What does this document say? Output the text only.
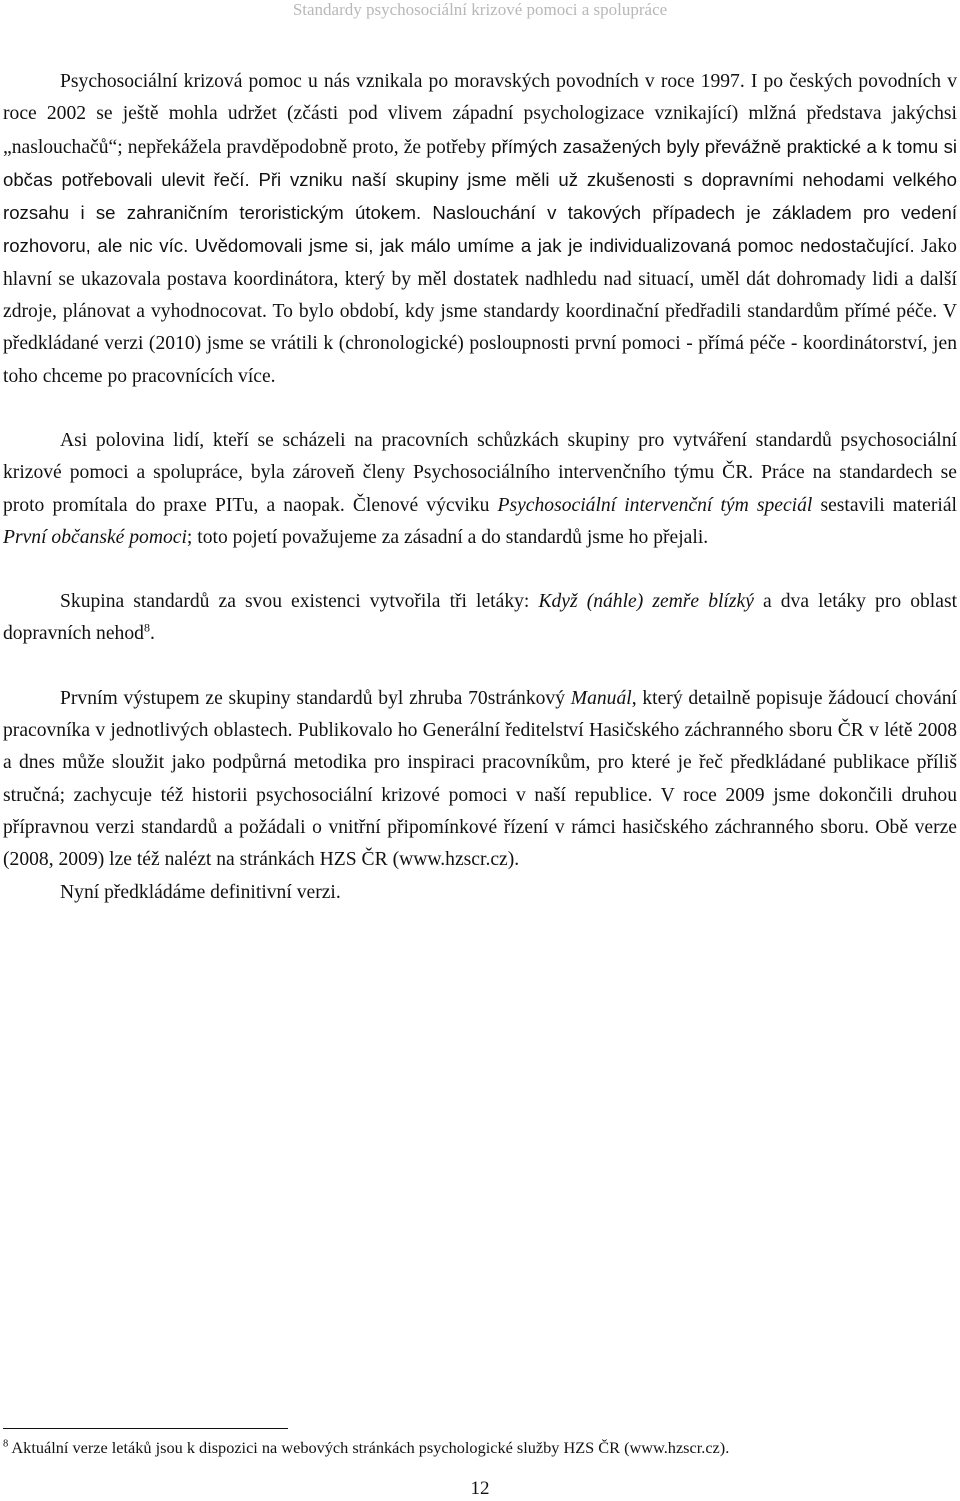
Standardy psychosociální krizové pomoci a spolupráce

Psychosociální krizová pomoc u nás vznikala po moravských povodních v roce 1997. I po českých povodních v roce 2002 se ještě mohla udržet (zčásti pod vlivem západní psychologizace vznikající) mlžná představa jakýchsi „naslouchačů“; nepřekážela pravděpodobně proto, že potřeby přímých zasažených byly převážně praktické a k tomu si občas potřebovali ulevit řečí. Při vzniku naší skupiny jsme měli už zkušenosti s dopravními nehodami velkého rozsahu i se zahraničním teroristickým útokem. Naslouchání v takových případech je základem pro vedení rozhovoru, ale nic víc. Uvědomovali jsme si, jak málo umíme a jak je individualizovaná pomoc nedostačující. Jako hlavní se ukazovala postava koordinátora, který by měl dostatek nadhledu nad situací, uměl dát dohromady lidi a další zdroje, plánovat a vyhodnocovat. To bylo období, kdy jsme standardy koordinační předřadili standardům přímé péče. V předkládané verzi (2010) jsme se vrátili k (chronologické) posloupnosti první pomoci - přímá péče - koordinátorství, jen toho chceme po pracovnících více.

Asi polovina lidí, kteří se scházeli na pracovních schůzkách skupiny pro vytváření standardů psychosociální krizové pomoci a spolupráce, byla zároveň členy Psychosociálního intervenčního týmu ČR. Práce na standardech se proto promítala do praxe PITu, a naopak. Členové výcviku Psychosociální intervenční tým speciál sestavili materiál První občanské pomoci; toto pojetí považujeme za zásadní a do standardů jsme ho přejali.

Skupina standardů za svou existenci vytvořila tři letáky: Když (náhle) zemře blízký a dva letáky pro oblast dopravních nehod$^8$.

Prvním výstupem ze skupiny standardů byl zhruba 70stránkový Manuál, který detailně popisuje žádoucí chování pracovníka v jednotlivých oblastech. Publikovalo ho Generální ředitelství Hasičského záchranného sboru ČR v létě 2008 a dnes může sloužit jako podpůrná metodika pro inspiraci pracovníkům, pro které je řeč předkládané publikace příliš stručná; zachycuje též historii psychosociální krizové pomoci v naší republice. V roce 2009 jsme dokončili druhou přípravnou verzi standardů a požádali o vnitřní připomínkové řízení v rámci hasičského záchranného sboru. Obě verze (2008, 2009) lze též nalézt na stránkách HZS ČR (www.hzscr.cz).

Nyní předkládáme definitivní verzi.

$^8$ Aktuální verze letáků jsou k dispozici na webových stránkách psychologické služby HZS ČR (www.hzscr.cz).
12
